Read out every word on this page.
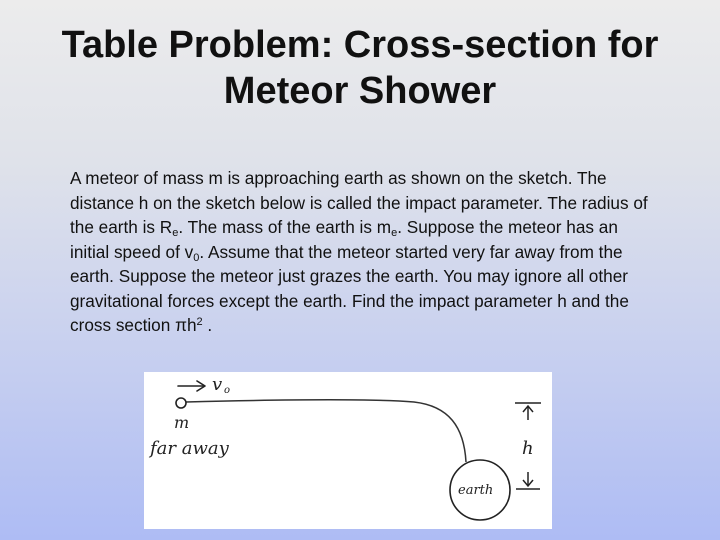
Table Problem: Cross-section for
Meteor Shower
A meteor of mass m is approaching earth as shown on the sketch. The distance h on the sketch below is called the impact parameter. The radius of the earth is $R_e$. The mass of the earth is $m_e$. Suppose the meteor has an initial speed of $v_0$. Assume that the meteor started very far away from the earth. Suppose the meteor just grazes the earth. You may ignore all other gravitational forces except the earth. Find the impact parameter h and the cross section $\pi h^2$ .
v o
m
far away
earth
h
